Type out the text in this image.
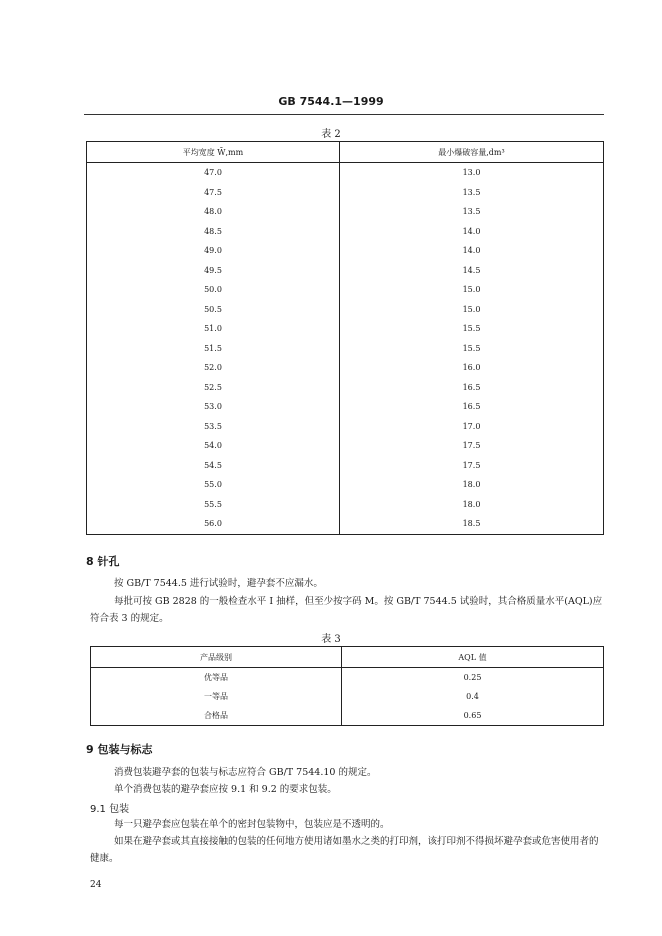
GB 7544.1—1999
表 2
平均宽度 W̄,mm	最小爆破容量,dm³
47.0	13.0
47.5	13.5
48.0	13.5
48.5	14.0
49.0	14.0
49.5	14.5
50.0	15.0
50.5	15.0
51.0	15.5
51.5	15.5
52.0	16.0
52.5	16.5
53.0	16.5
53.5	17.0
54.0	17.5
54.5	17.5
55.0	18.0
55.5	18.0
56.0	18.5
8 针孔
按 GB/T 7544.5 进行试验时，避孕套不应漏水。
每批可按 GB 2828 的一般检查水平 I 抽样，但至少按字码 M。按 GB/T 7544.5 试验时，其合格质量水平(AQL)应符合表 3 的规定。
表 3
产品级别	AQL 值
优等品	0.25
一等品	0.4
合格品	0.65
9 包装与标志
消费包装避孕套的包装与标志应符合 GB/T 7544.10 的规定。
单个消费包装的避孕套应按 9.1 和 9.2 的要求包装。
9.1 包装
每一只避孕套应包装在单个的密封包装物中，包装应是不透明的。
如果在避孕套或其直接接触的包装的任何地方使用诸如墨水之类的打印剂，该打印剂不得损坏避孕套或危害使用者的健康。
24
